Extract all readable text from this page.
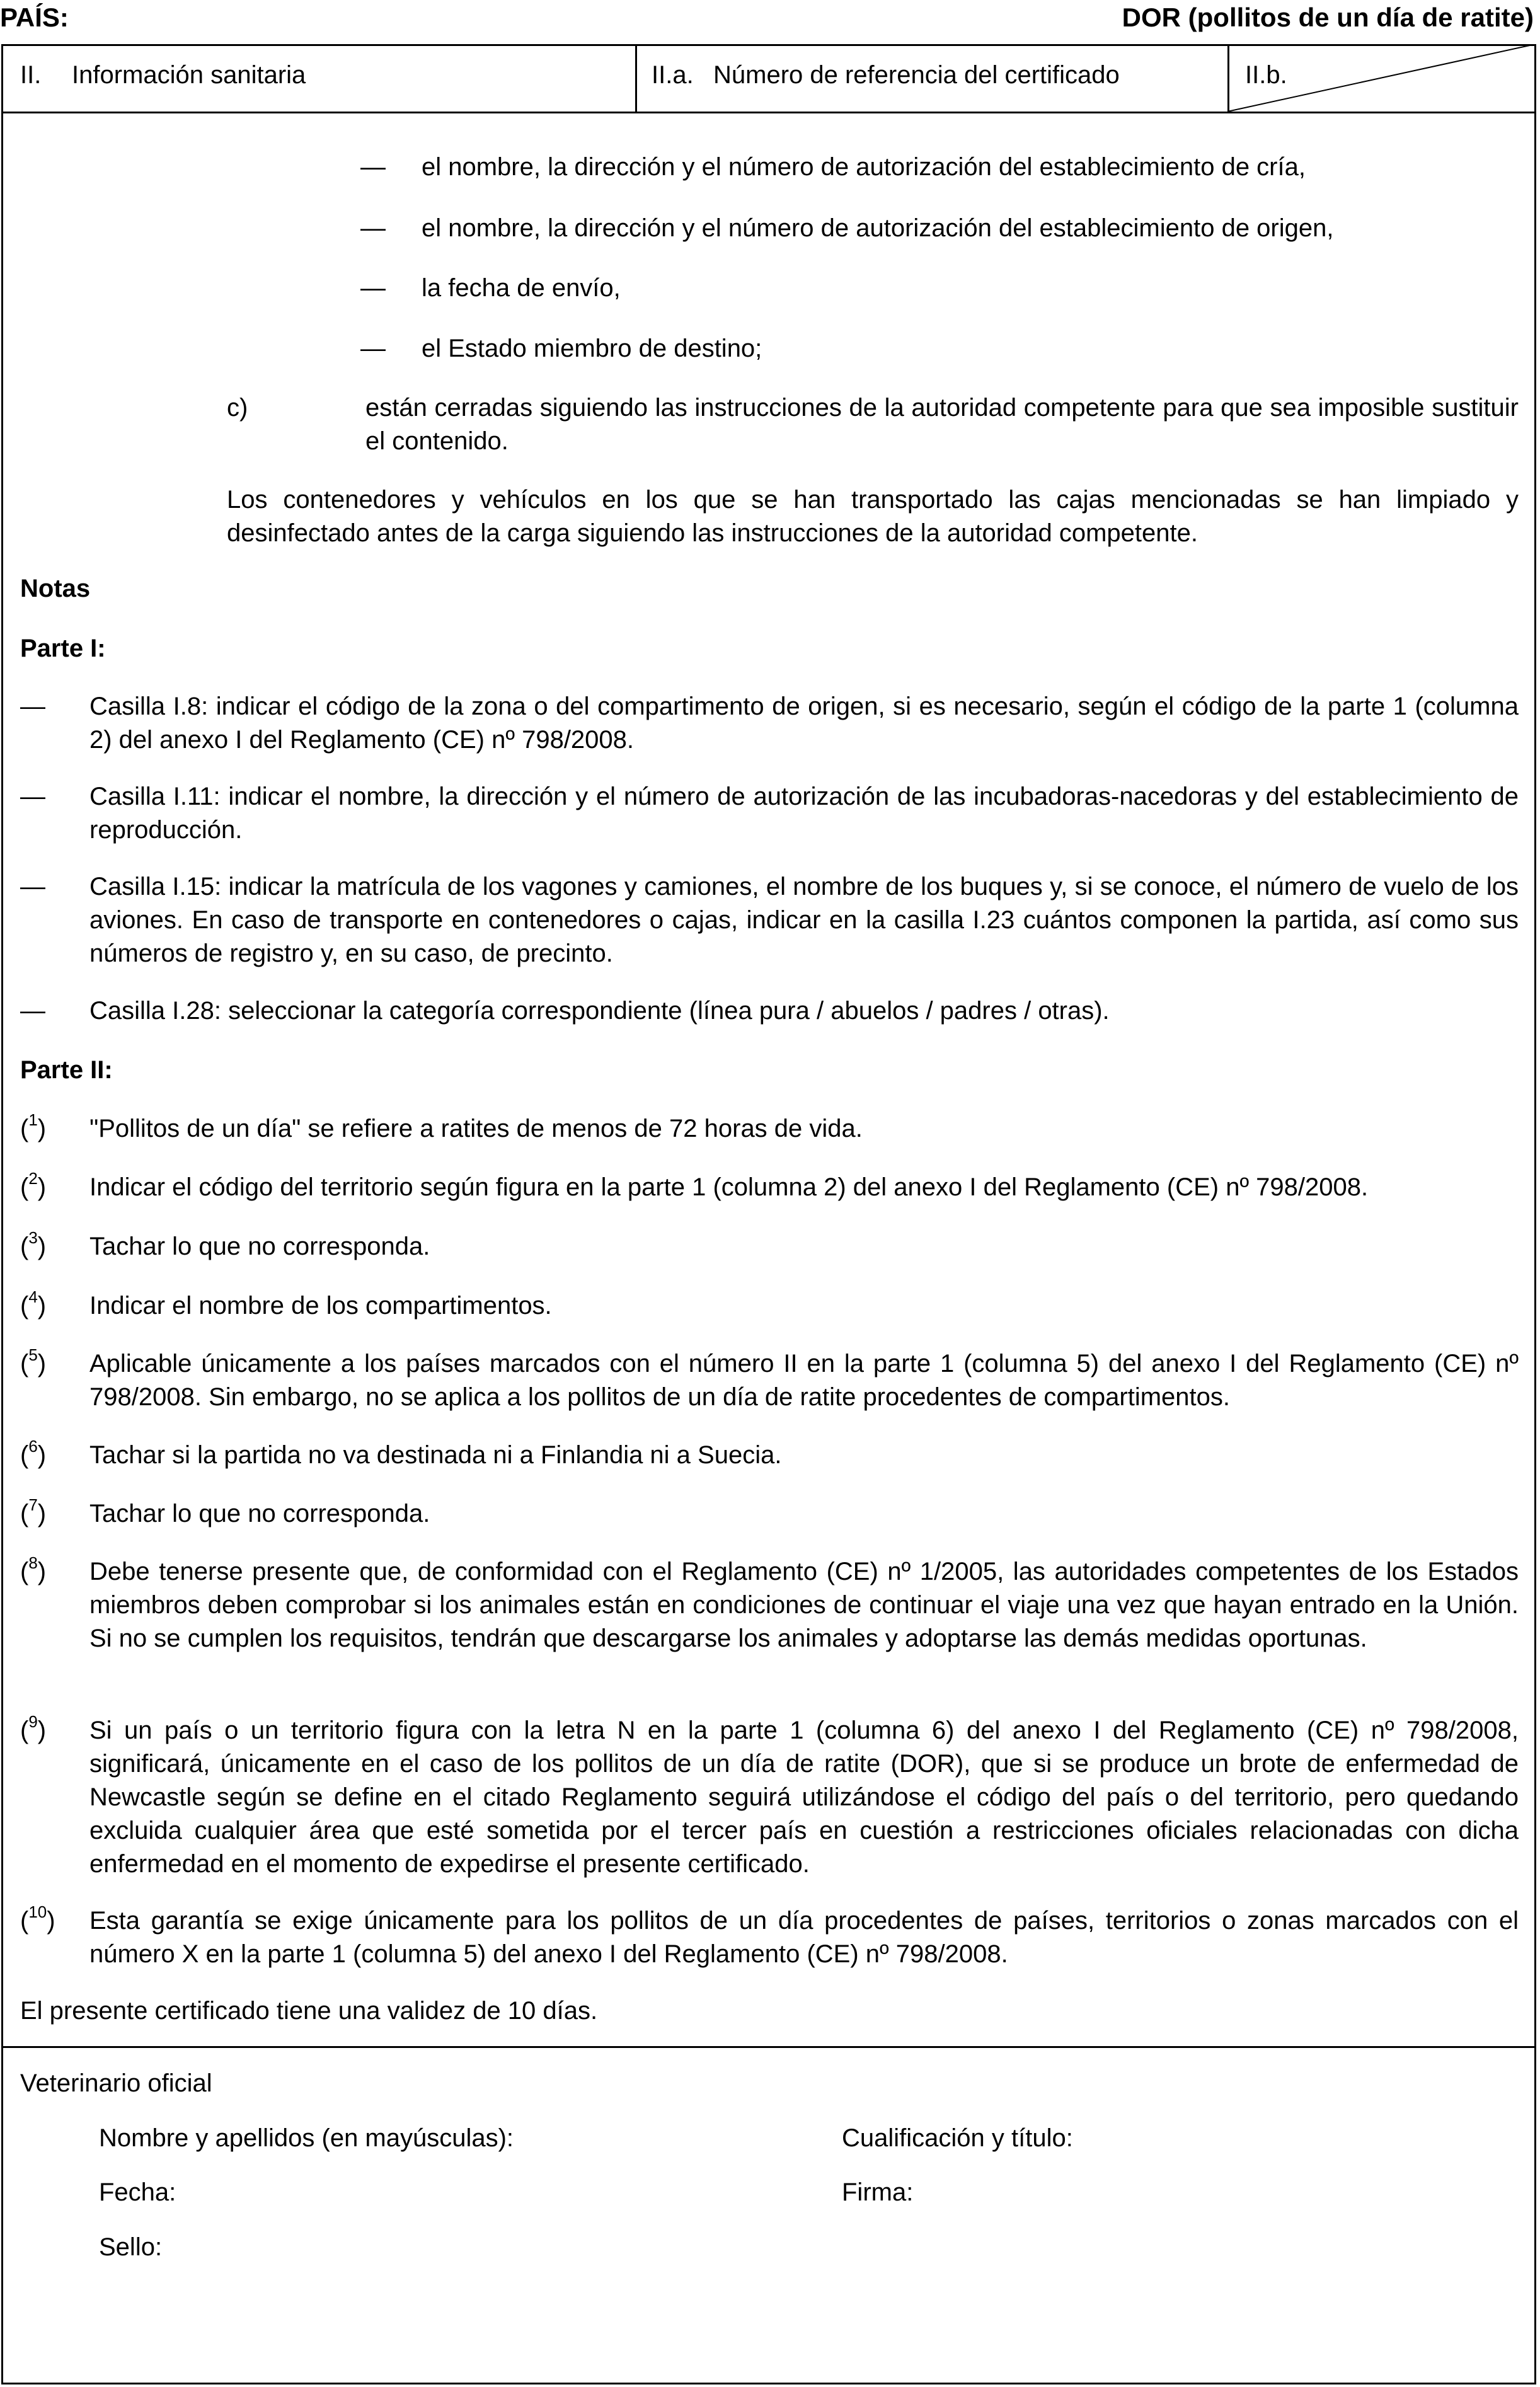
PAÍS:	DOR (pollitos de un día de ratite)
II. Información sanitaria	II.a. Número de referencia del certificado	II.b.
— el nombre, la dirección y el número de autorización del establecimiento de cría,
— el nombre, la dirección y el número de autorización del establecimiento de origen,
— la fecha de envío,
— el Estado miembro de destino;
c)	están cerradas siguiendo las instrucciones de la autoridad competente para que sea imposible sustituir el contenido.
Los contenedores y vehículos en los que se han transportado las cajas mencionadas se han limpiado y desinfectado antes de la carga siguiendo las instrucciones de la autoridad competente.
Notas
Parte I:
— Casilla I.8: indicar el código de la zona o del compartimento de origen, si es necesario, según el código de la parte 1 (columna 2) del anexo I del Reglamento (CE) nº 798/2008.
— Casilla I.11: indicar el nombre, la dirección y el número de autorización de las incubadoras-nacedoras y del establecimiento de reproducción.
— Casilla I.15: indicar la matrícula de los vagones y camiones, el nombre de los buques y, si se conoce, el número de vuelo de los aviones. En caso de transporte en contenedores o cajas, indicar en la casilla I.23 cuántos componen la partida, así como sus números de registro y, en su caso, de precinto.
— Casilla I.28: seleccionar la categoría correspondiente (línea pura / abuelos / padres / otras).
Parte II:
($^1$) "Pollitos de un día" se refiere a ratites de menos de 72 horas de vida.
($^2$) Indicar el código del territorio según figura en la parte 1 (columna 2) del anexo I del Reglamento (CE) nº 798/2008.
($^3$) Tachar lo que no corresponda.
($^4$) Indicar el nombre de los compartimentos.
($^5$) Aplicable únicamente a los países marcados con el número II en la parte 1 (columna 5) del anexo I del Reglamento (CE) nº 798/2008. Sin embargo, no se aplica a los pollitos de un día de ratite procedentes de compartimentos.
($^6$) Tachar si la partida no va destinada ni a Finlandia ni a Suecia.
($^7$) Tachar lo que no corresponda.
($^8$) Debe tenerse presente que, de conformidad con el Reglamento (CE) nº 1/2005, las autoridades competentes de los Estados miembros deben comprobar si los animales están en condiciones de continuar el viaje una vez que hayan entrado en la Unión. Si no se cumplen los requisitos, tendrán que descargarse los animales y adoptarse las demás medidas oportunas.
($^9$) Si un país o un territorio figura con la letra N en la parte 1 (columna 6) del anexo I del Reglamento (CE) nº 798/2008, significará, únicamente en el caso de los pollitos de un día de ratite (DOR), que si se produce un brote de enfermedad de Newcastle según se define en el citado Reglamento seguirá utilizándose el código del país o del territorio, pero quedando excluida cualquier área que esté sometida por el tercer país en cuestión a restricciones oficiales relacionadas con dicha enfermedad en el momento de expedirse el presente certificado.
($^{10}$) Esta garantía se exige únicamente para los pollitos de un día procedentes de países, territorios o zonas marcados con el número X en la parte 1 (columna 5) del anexo I del Reglamento (CE) nº 798/2008.
El presente certificado tiene una validez de 10 días.
Veterinario oficial
Nombre y apellidos (en mayúsculas):	Cualificación y título:
Fecha:	Firma:
Sello:
